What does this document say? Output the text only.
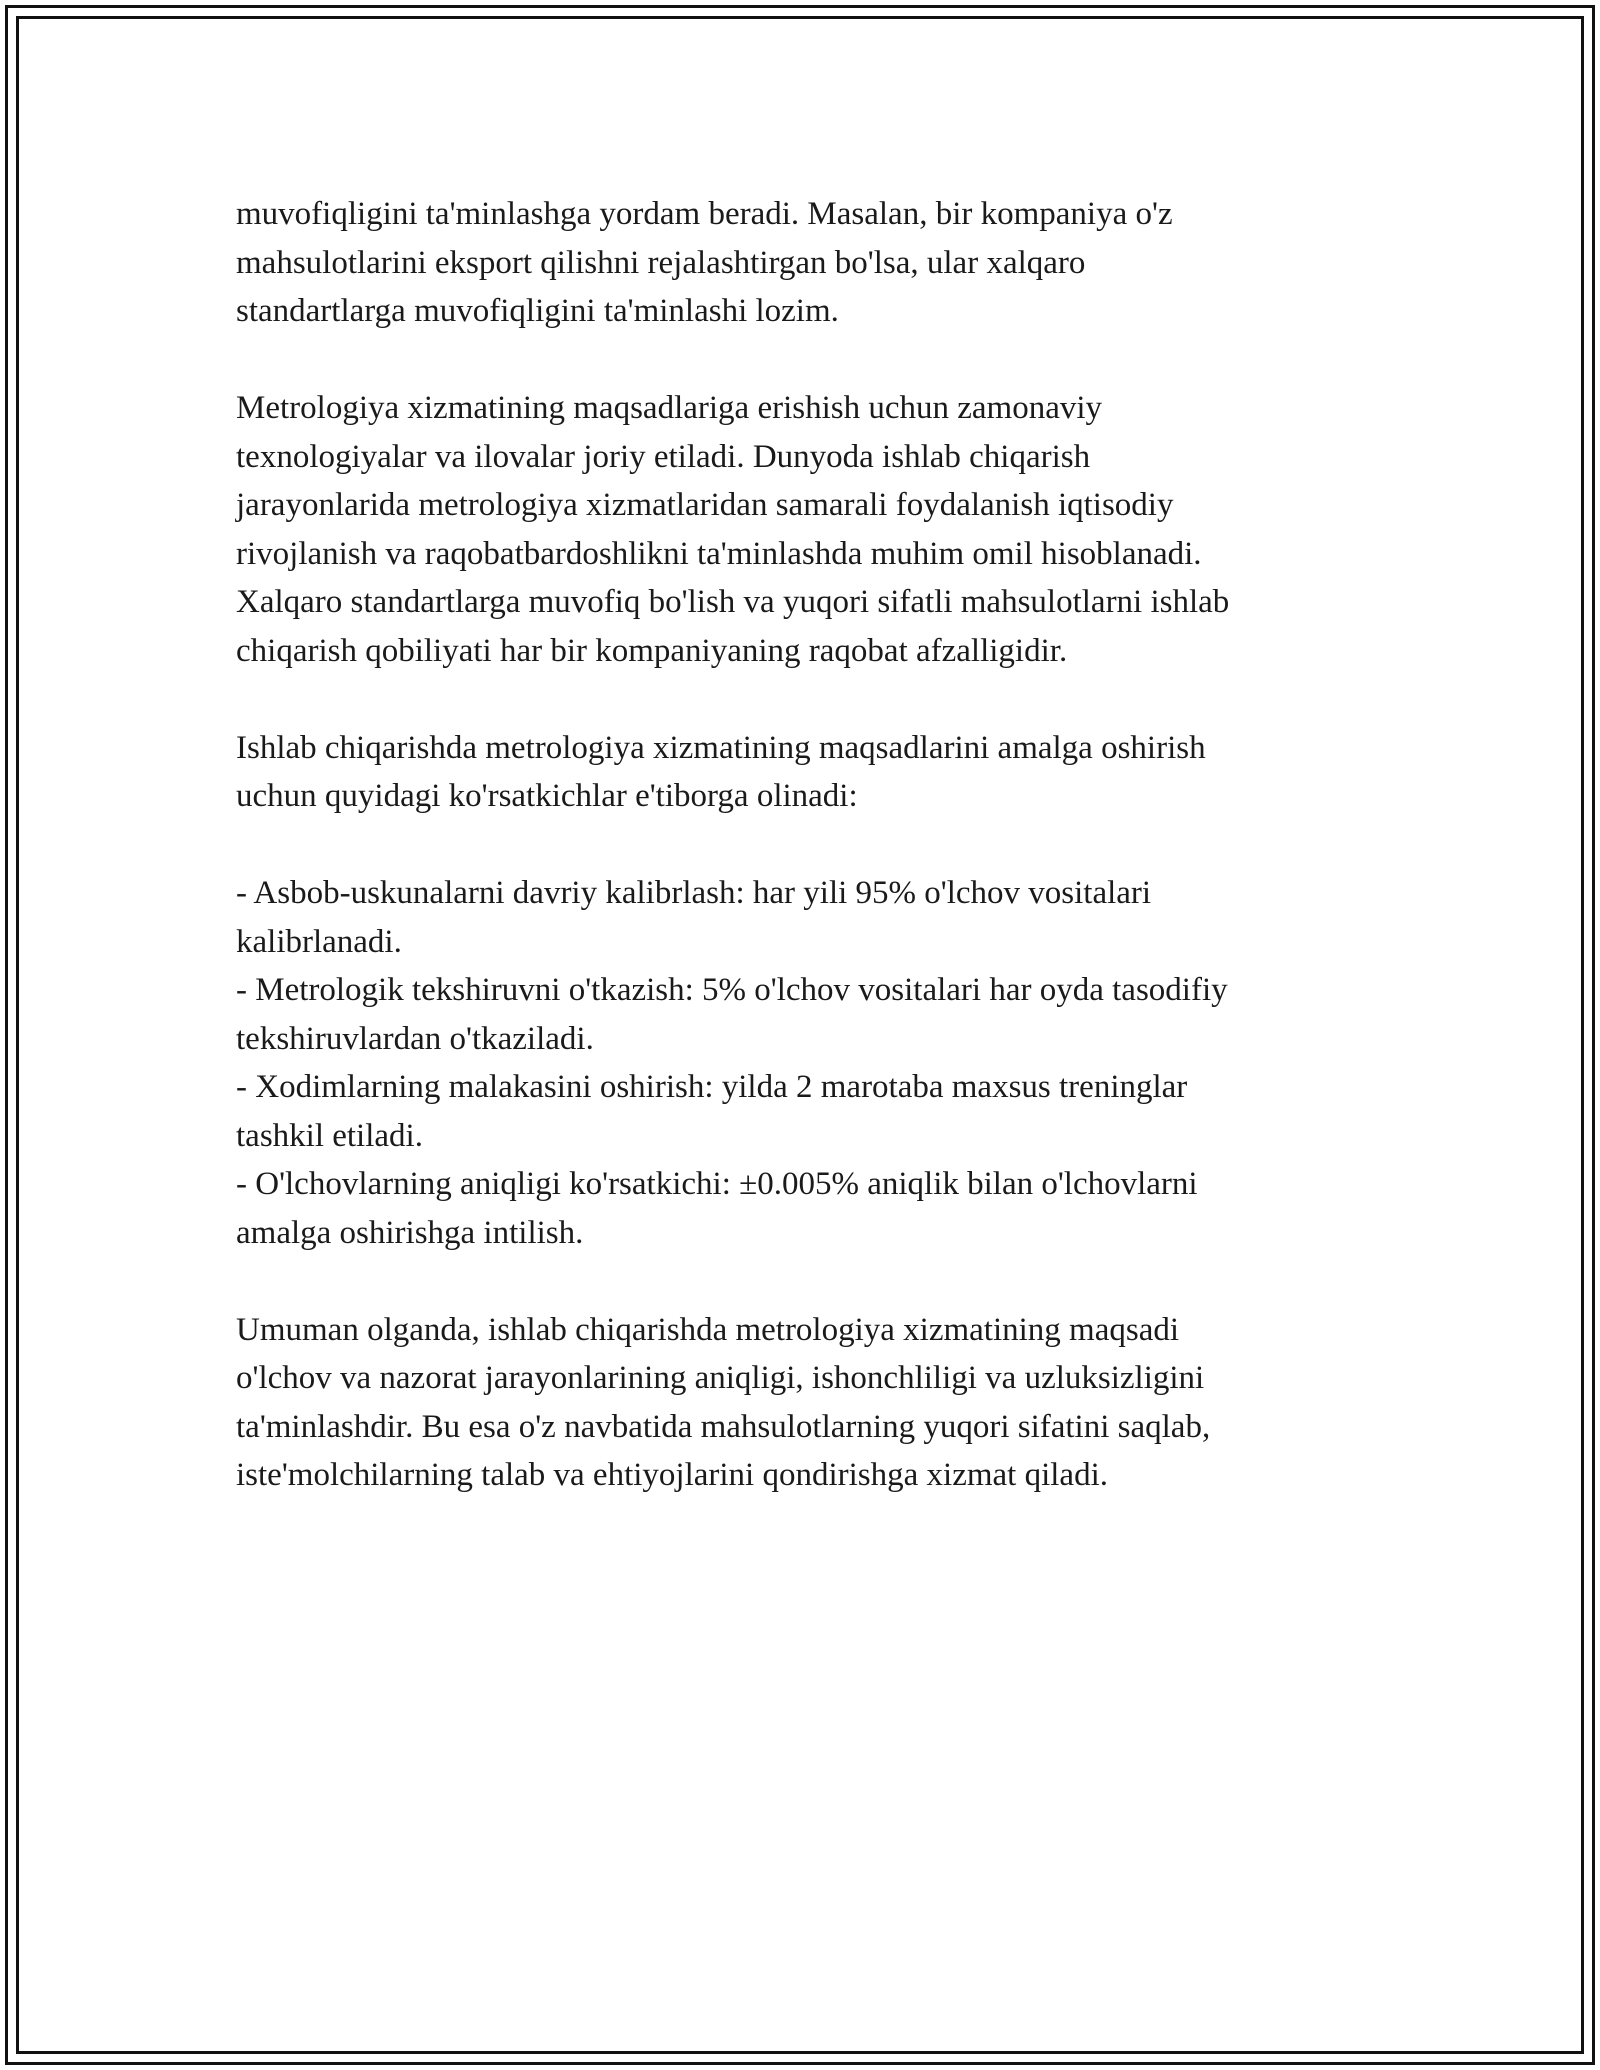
muvofiqligini ta'minlashga yordam beradi. Masalan, bir kompaniya o'z
mahsulotlarini eksport qilishni rejalashtirgan bo'lsa, ular xalqaro
standartlarga muvofiqligini ta'minlashi lozim.

Metrologiya xizmatining maqsadlariga erishish uchun zamonaviy
texnologiyalar va ilovalar joriy etiladi. Dunyoda ishlab chiqarish
jarayonlarida metrologiya xizmatlaridan samarali foydalanish iqtisodiy
rivojlanish va raqobatbardoshlikni ta'minlashda muhim omil hisoblanadi.
Xalqaro standartlarga muvofiq bo'lish va yuqori sifatli mahsulotlarni ishlab
chiqarish qobiliyati har bir kompaniyaning raqobat afzalligidir.

Ishlab chiqarishda metrologiya xizmatining maqsadlarini amalga oshirish
uchun quyidagi ko'rsatkichlar e'tiborga olinadi:

- Asbob-uskunalarni davriy kalibrlash: har yili 95% o'lchov vositalari
kalibrlanadi.
- Metrologik tekshiruvni o'tkazish: 5% o'lchov vositalari har oyda tasodifiy
tekshiruvlardan o'tkaziladi.
- Xodimlarning malakasini oshirish: yilda 2 marotaba maxsus treninglar
tashkil etiladi.
- O'lchovlarning aniqligi ko'rsatkichi: ±0.005% aniqlik bilan o'lchovlarni
amalga oshirishga intilish.

Umuman olganda, ishlab chiqarishda metrologiya xizmatining maqsadi
o'lchov va nazorat jarayonlarining aniqligi, ishonchliligi va uzluksizligini
ta'minlashdir. Bu esa o'z navbatida mahsulotlarning yuqori sifatini saqlab,
iste'molchilarning talab va ehtiyojlarini qondirishga xizmat qiladi.
